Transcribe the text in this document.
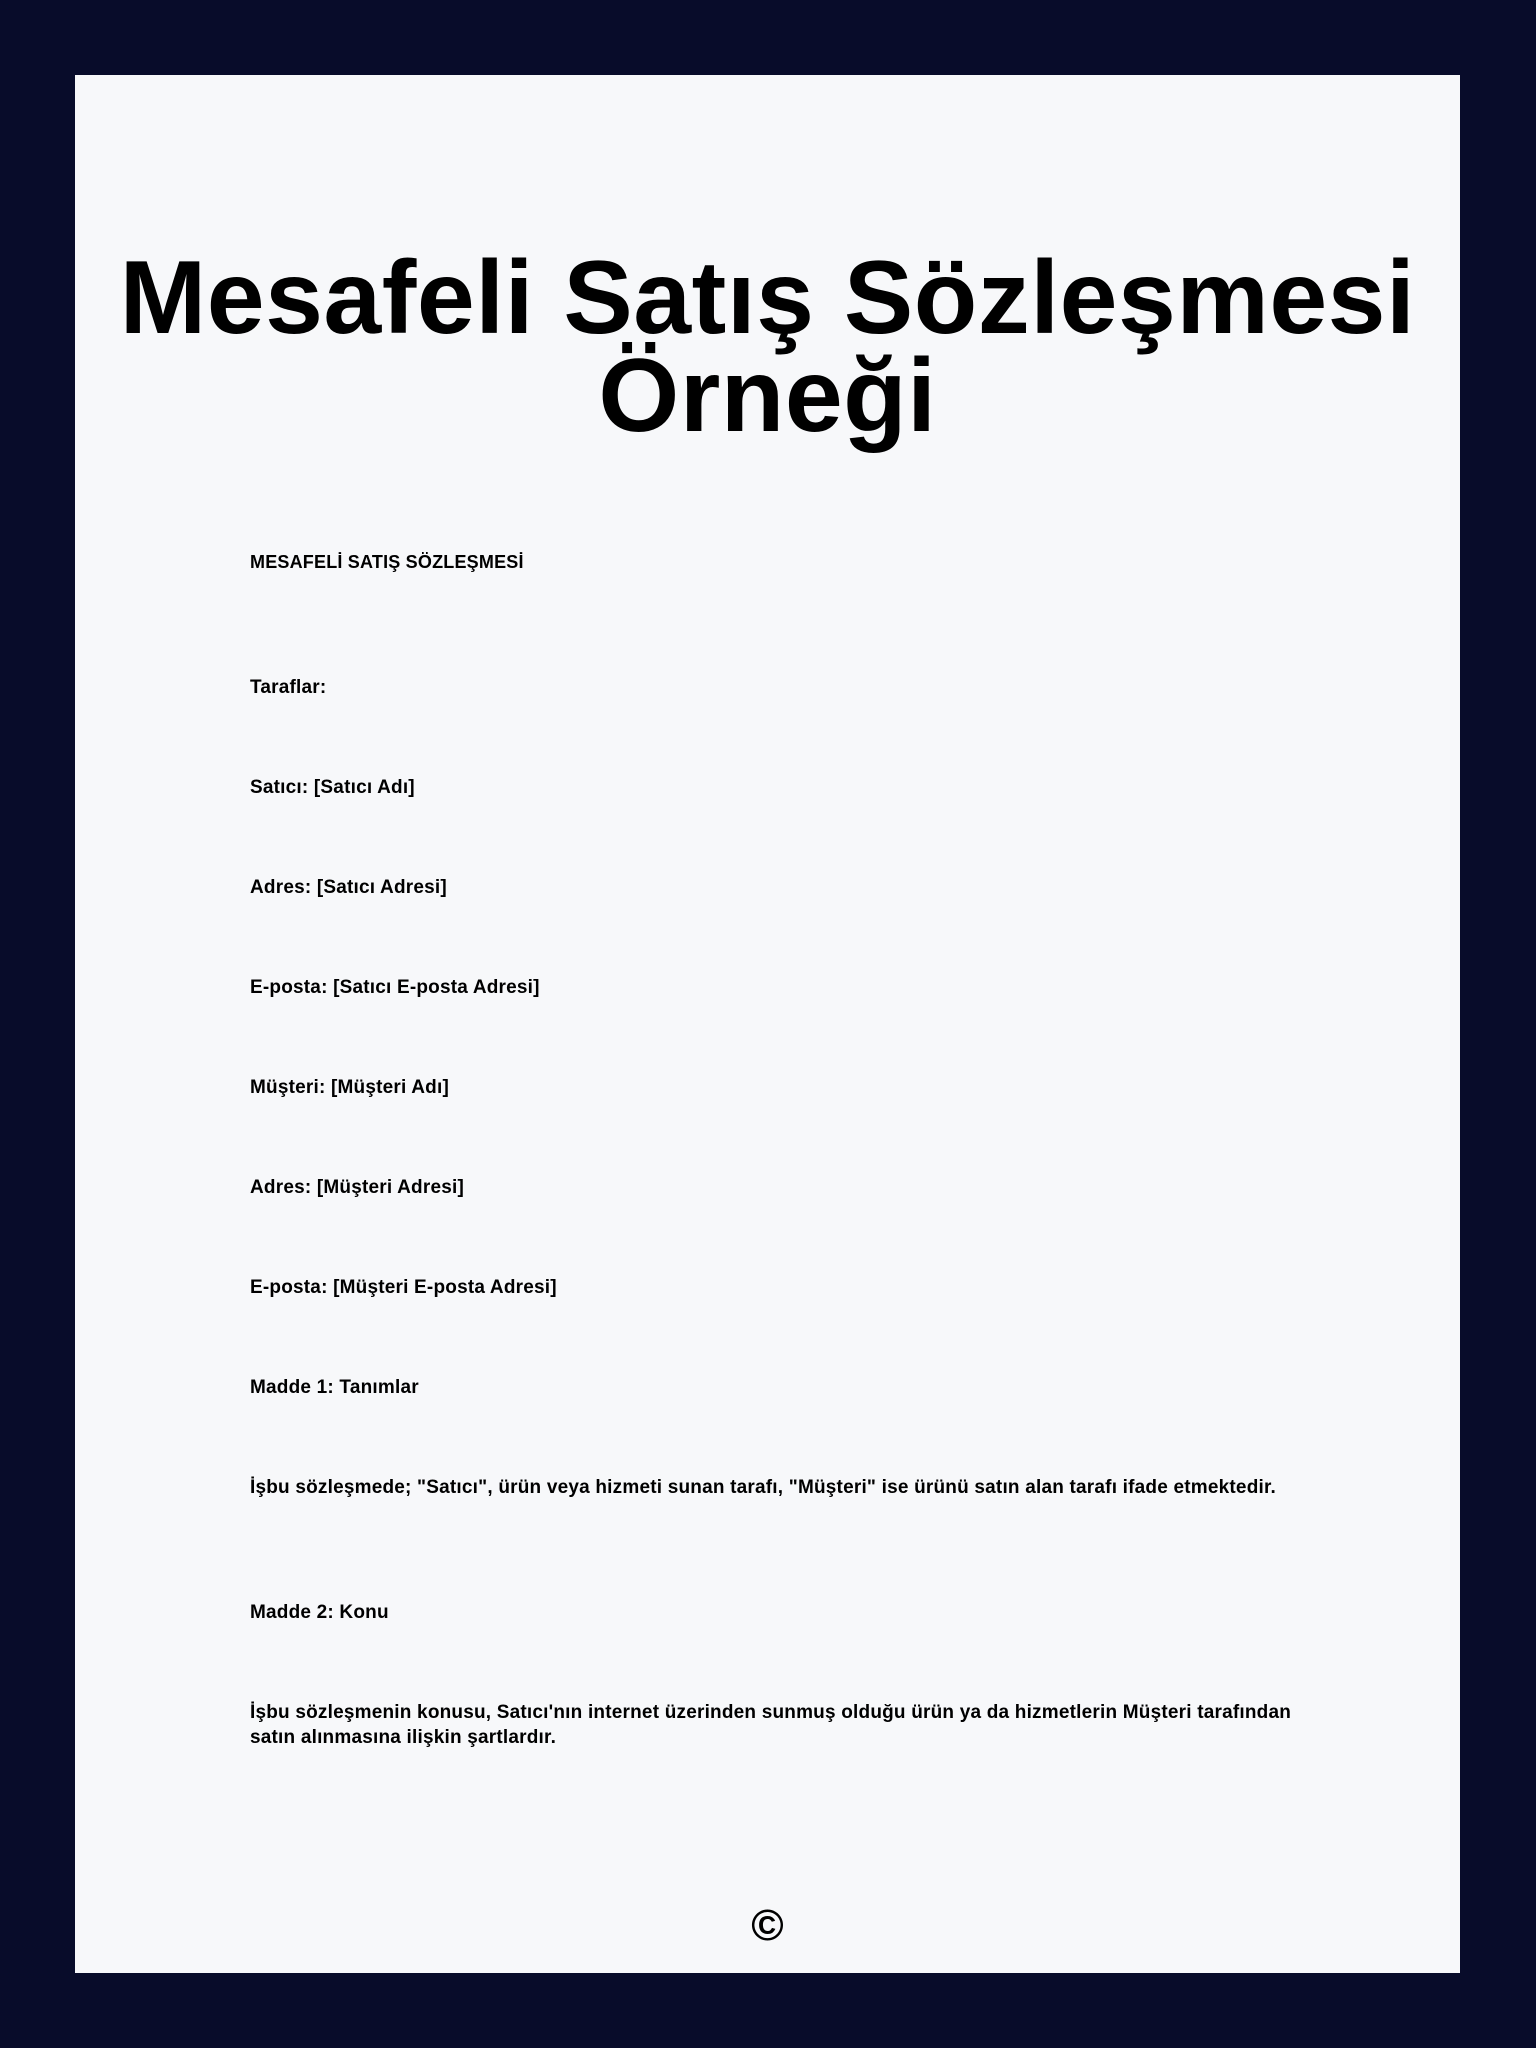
Mesafeli Satış Sözleşmesi
Örneği

MESAFELİ SATIŞ SÖZLEŞMESİ

Taraflar:

Satıcı: [Satıcı Adı]

Adres: [Satıcı Adresi]

E-posta: [Satıcı E-posta Adresi]

Müşteri: [Müşteri Adı]

Adres: [Müşteri Adresi]

E-posta: [Müşteri E-posta Adresi]

Madde 1: Tanımlar

İşbu sözleşmede; "Satıcı", ürün veya hizmeti sunan tarafı, "Müşteri" ise ürünü satın alan tarafı ifade etmektedir.

Madde 2: Konu

İşbu sözleşmenin konusu, Satıcı'nın internet üzerinden sunmuş olduğu ürün ya da hizmetlerin Müşteri tarafından satın alınmasına ilişkin şartlardır.

©
